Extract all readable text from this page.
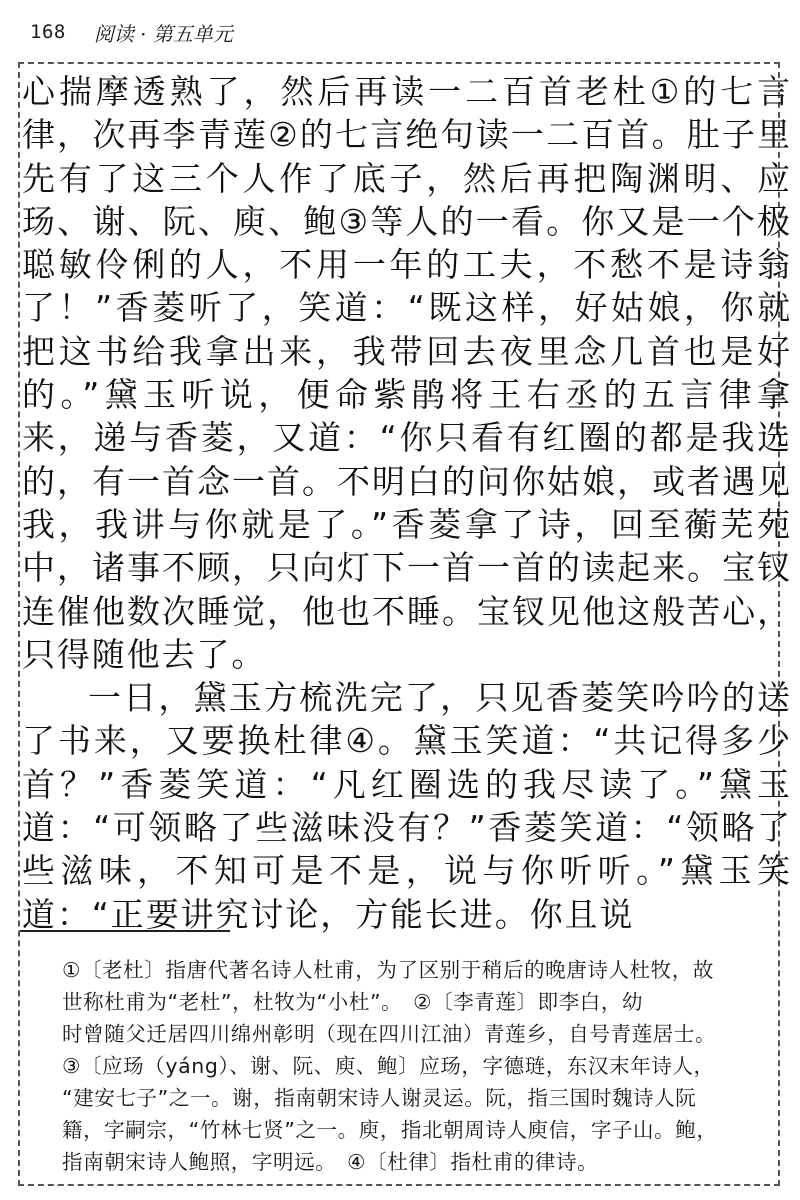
168 阅读 · 第五单元

心揣摩透熟了，然后再读一二百首老杜①的七言律，次再李青莲②的七言绝句读一二百首。肚子里先有了这三个人作了底子，然后再把陶渊明、应玚、谢、阮、庾、鲍③等人的一看。你又是一个极聪敏伶俐的人，不用一年的工夫，不愁不是诗翁了！”香菱听了，笑道：“既这样，好姑娘，你就把这书给我拿出来，我带回去夜里念几首也是好的。”黛玉听说，便命紫鹃将王右丞的五言律拿来，递与香菱，又道：“你只看有红圈的都是我选的，有一首念一首。不明白的问你姑娘，或者遇见我，我讲与你就是了。”香菱拿了诗，回至蘅芜苑中，诸事不顾，只向灯下一首一首的读起来。宝钗连催他数次睡觉，他也不睡。宝钗见他这般苦心，只得随他去了。

一日，黛玉方梳洗完了，只见香菱笑吟吟的送了书来，又要换杜律④。黛玉笑道：“共记得多少首？”香菱笑道：“凡红圈选的我尽读了。”黛玉道：“可领略了些滋味没有？”香菱笑道：“领略了些滋味，不知可是不是，说与你听听。”黛玉笑道：“正要讲究讨论，方能长进。你且说

①〔老杜〕指唐代著名诗人杜甫，为了区别于稍后的晚唐诗人杜牧，故
世称杜甫为“老杜”，杜牧为“小杜”。　②〔李青莲〕即李白，幼
时曾随父迁居四川绵州彰明（现在四川江油）青莲乡，自号青莲居士。
③〔应玚（yáng）、谢、阮、庾、鲍〕应玚，字德琏，东汉末年诗人，
“建安七子”之一。谢，指南朝宋诗人谢灵运。阮，指三国时魏诗人阮
籍，字嗣宗，“竹林七贤”之一。庾，指北朝周诗人庾信，字子山。鲍，
指南朝宋诗人鲍照，字明远。　④〔杜律〕指杜甫的律诗。
